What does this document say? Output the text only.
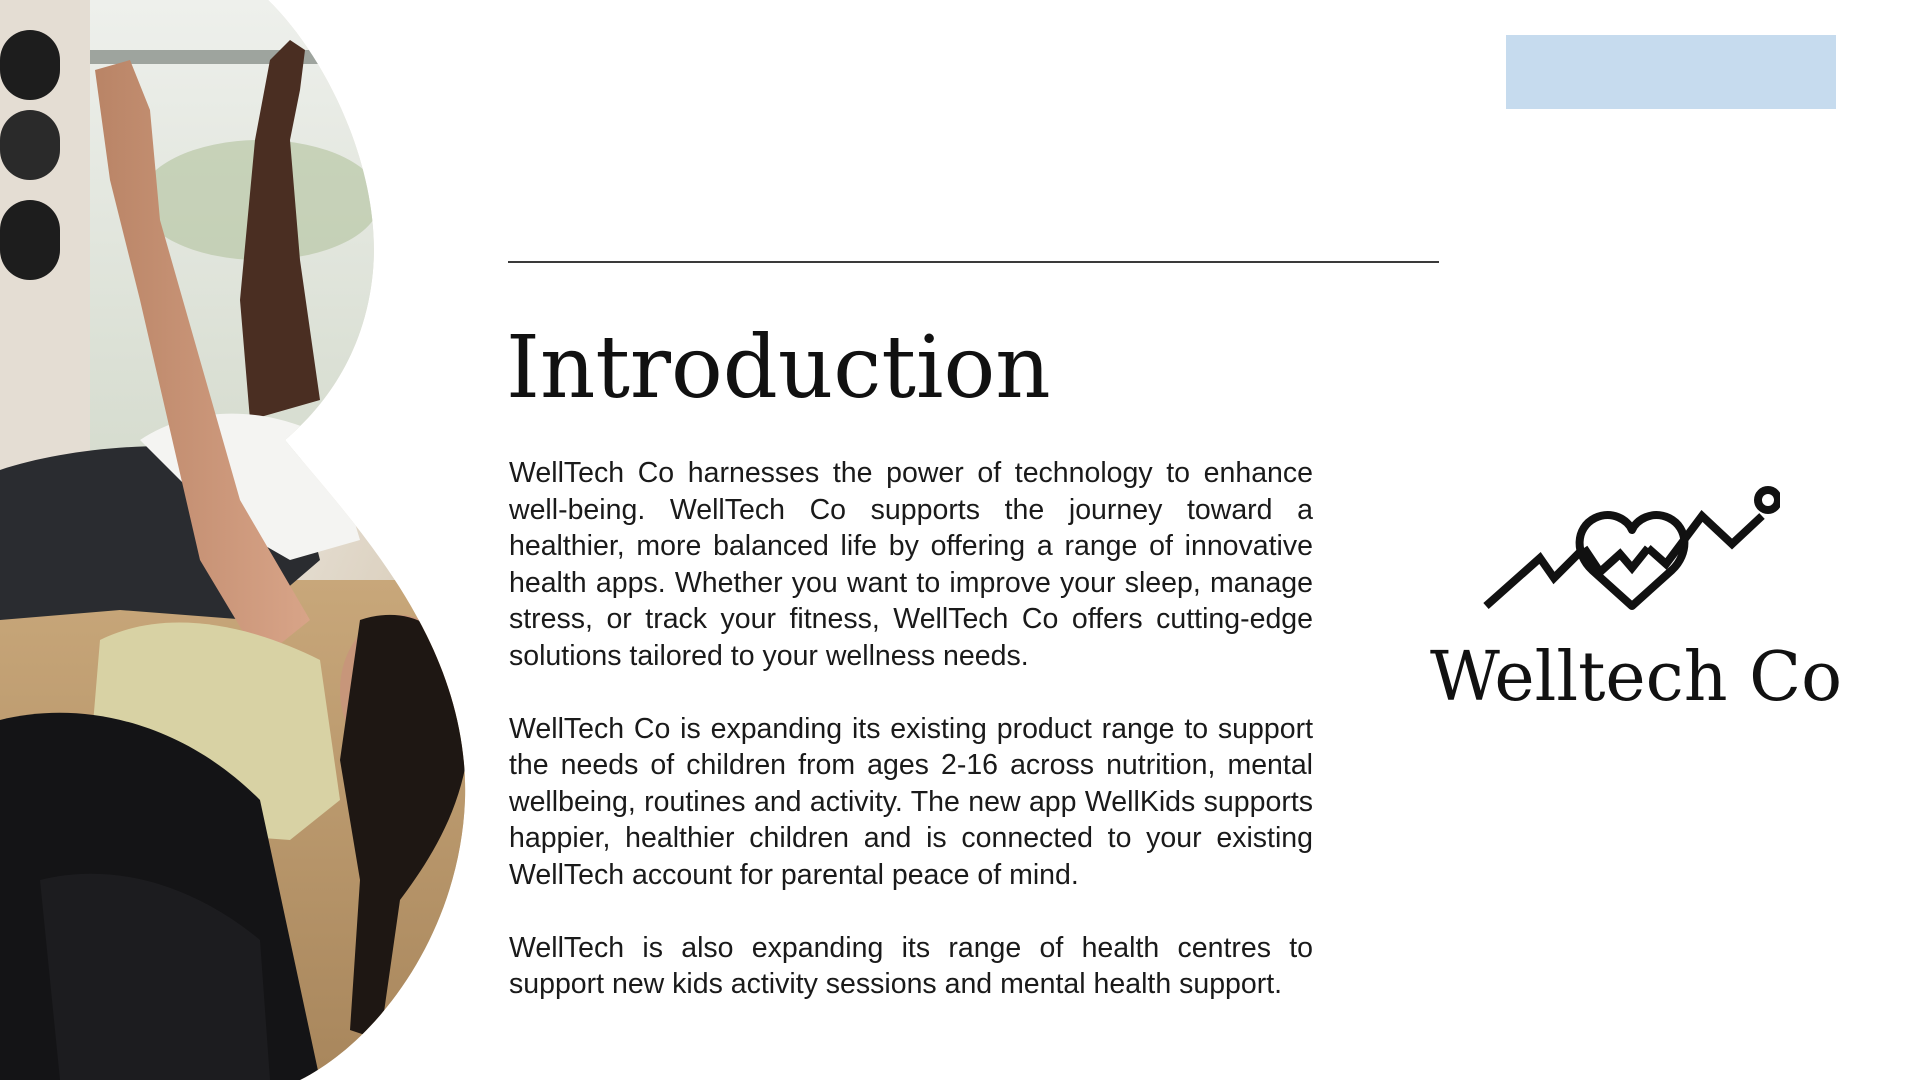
Introduction

WellTech Co harnesses the power of technology to enhance well-being. WellTech Co supports the journey toward a healthier, more balanced life by offering a range of innovative health apps. Whether you want to improve your sleep, manage stress, or track your fitness, WellTech Co offers cutting-edge solutions tailored to your wellness needs.

WellTech Co is expanding its existing product range to support the needs of children from ages 2-16 across nutrition, mental wellbeing, routines and activity. The new app WellKids supports happier, healthier children and is connected to your existing WellTech account for parental peace of mind.

WellTech is also expanding its range of health centres to support new kids activity sessions and mental health support.

Welltech Co
